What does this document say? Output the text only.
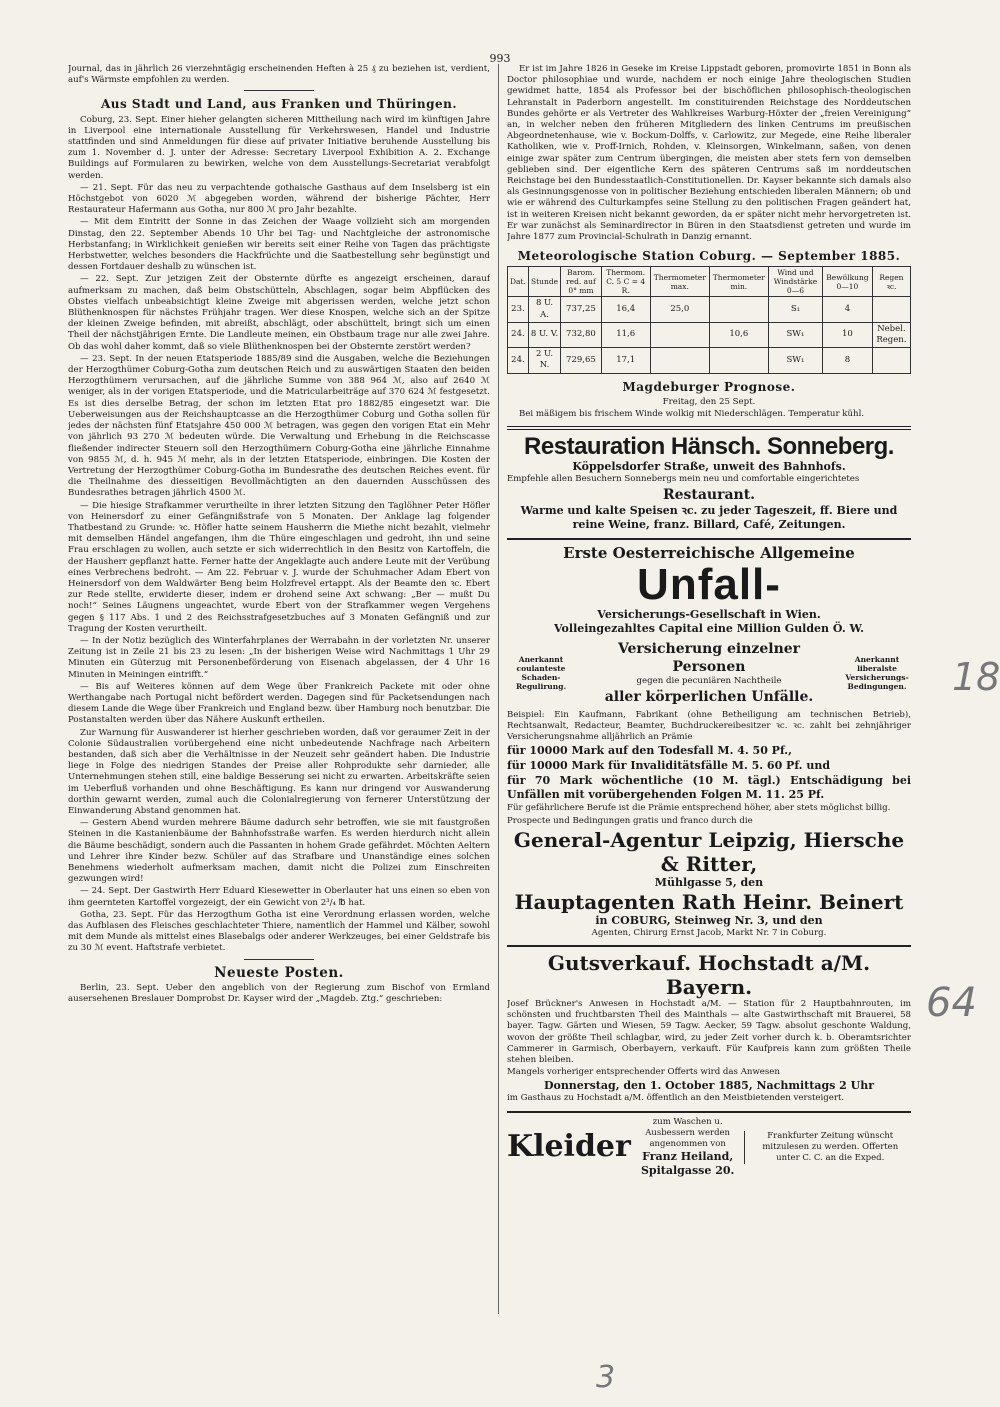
993

Journal, das in jährlich 26 vierzehntägig erscheinenden Heften à 25 ₰ zu beziehen ist, verdient, auf's Wärmste empfohlen zu werden.

Aus Stadt und Land, aus Franken und Thüringen.

Coburg, 23. Sept. Einer hieher gelangten sicheren Mittheilung nach wird im künftigen Jahre in Liverpool eine internationale Ausstellung für Verkehrswesen, Handel und Industrie stattfinden und sind Anmeldungen für diese auf privater Initiative beruhende Ausstellung bis zum 1. November d. J. unter der Adresse: Secretary Liverpool Exhibition A. 2. Exchange Buildings auf Formularen zu bewirken, welche von dem Ausstellungs-Secretariat verabfolgt werden.

— 21. Sept. Für das neu zu verpachtende gothaische Gasthaus auf dem Inselsberg ist ein Höchstgebot von 6020 ℳ abgegeben worden, während der bisherige Pächter, Herr Restaurateur Hafermann aus Gotha, nur 800 ℳ pro Jahr bezahlte.

— Mit dem Eintritt der Sonne in das Zeichen der Waage vollzieht sich am morgenden Dinstag, den 22. September Abends 10 Uhr bei Tag- und Nachtgleiche der astronomische Herbstanfang; in Wirklichkeit genießen wir bereits seit einer Reihe von Tagen das prächtigste Herbstwetter, welches besonders die Hackfrüchte und die Saatbestellung sehr begünstigt und dessen Fortdauer deshalb zu wünschen ist.

— 22. Sept. Zur jetzigen Zeit der Obsternte dürfte es angezeigt erscheinen, darauf aufmerksam zu machen, daß beim Obstschütteln, Abschlagen, sogar beim Abpflücken des Obstes vielfach unbeabsichtigt kleine Zweige mit abgerissen werden, welche jetzt schon Blüthenknospen für nächstes Frühjahr tragen. Wer diese Knospen, welche sich an der Spitze der kleinen Zweige befinden, mit abreißt, abschlägt, oder abschüttelt, bringt sich um einen Theil der nächstjährigen Ernte. Die Landleute meinen, ein Obstbaum trage nur alle zwei Jahre. Ob das wohl daher kommt, daß so viele Blüthenknospen bei der Obsternte zerstört werden?

— 23. Sept. In der neuen Etatsperiode 1885/89 sind die Ausgaben, welche die Beziehungen der Herzogthümer Coburg-Gotha zum deutschen Reich und zu auswärtigen Staaten den beiden Herzogthümern verursachen, auf die jährliche Summe von 388 964 ℳ, also auf 2640 ℳ weniger, als in der vorigen Etatsperiode, und die Matricularbeiträge auf 370 624 ℳ festgesetzt. Es ist dies derselbe Betrag, der schon im letzten Etat pro 1882/85 eingesetzt war. Die Ueberweisungen aus der Reichshauptcasse an die Herzogthümer Coburg und Gotha sollen für jedes der nächsten fünf Etatsjahre 450 000 ℳ betragen, was gegen den vorigen Etat ein Mehr von jährlich 93 270 ℳ bedeuten würde. Die Verwaltung und Erhebung in die Reichscasse fließender indirecter Steuern soll den Herzogthümern Coburg-Gotha eine jährliche Einnahme von 9855 ℳ, d. h. 945 ℳ mehr, als in der letzten Etatsperiode, einbringen. Die Kosten der Vertretung der Herzogthümer Coburg-Gotha im Bundesrathe des deutschen Reiches event. für die Theilnahme des diesseitigen Bevollmächtigten an den dauernden Ausschüssen des Bundesrathes betragen jährlich 4500 ℳ.

— Die hiesige Strafkammer verurtheilte in ihrer letzten Sitzung den Taglöhner Peter Höfler von Heinersdorf zu einer Gefängnißstrafe von 5 Monaten. Der Anklage lag folgender Thatbestand zu Grunde: ꝛc. Höfler hatte seinem Hausherrn die Miethe nicht bezahlt, vielmehr mit demselben Händel angefangen, ihm die Thüre eingeschlagen und gedroht, ihn und seine Frau erschlagen zu wollen, auch setzte er sich widerrechtlich in den Besitz von Kartoffeln, die der Hausherr gepflanzt hatte. Ferner hatte der Angeklagte auch andere Leute mit der Verübung eines Verbrechens bedroht. — Am 22. Februar v. J. wurde der Schuhmacher Adam Ebert von Heinersdorf von dem Waldwärter Beng beim Holzfrevel ertappt. Als der Beamte den ꝛc. Ebert zur Rede stellte, erwiderte dieser, indem er drohend seine Axt schwang: „Ber — mußt Du noch!“ Seines Läugnens ungeachtet, wurde Ebert von der Strafkammer wegen Vergehens gegen § 117 Abs. 1 und 2 des Reichsstrafgesetzbuches auf 3 Monaten Gefängniß und zur Tragung der Kosten verurtheilt.

— In der Notiz bezüglich des Winterfahrplanes der Werrabahn in der vorletzten Nr. unserer Zeitung ist in Zeile 21 bis 23 zu lesen: „In der bisherigen Weise wird Nachmittags 1 Uhr 29 Minuten ein Güterzug mit Personenbeförderung von Eisenach abgelassen, der 4 Uhr 16 Minuten in Meiningen eintrifft.“

— Bis auf Weiteres können auf dem Wege über Frankreich Packete mit oder ohne Werthangabe nach Portugal nicht befördert werden. Dagegen sind für Packetsendungen nach diesem Lande die Wege über Frankreich und England bezw. über Hamburg noch benutzbar. Die Postanstalten werden über das Nähere Auskunft ertheilen.

Zur Warnung für Auswanderer ist hierher geschrieben worden, daß vor geraumer Zeit in der Colonie Südaustralien vorübergehend eine nicht unbedeutende Nachfrage nach Arbeitern bestanden, daß sich aber die Verhältnisse in der Neuzeit sehr geändert haben. Die Industrie liege in Folge des niedrigen Standes der Preise aller Rohprodukte sehr darnieder, alle Unternehmungen stehen still, eine baldige Besserung sei nicht zu erwarten. Arbeitskräfte seien im Ueberfluß vorhanden und ohne Beschäftigung. Es kann nur dringend vor Auswanderung dorthin gewarnt werden, zumal auch die Colonialregierung von fernerer Unterstützung der Einwanderung Abstand genommen hat.

— Gestern Abend wurden mehrere Bäume dadurch sehr betroffen, wie sie mit faustgroßen Steinen in die Kastanienbäume der Bahnhofsstraße warfen. Es werden hierdurch nicht allein die Bäume beschädigt, sondern auch die Passanten in hohem Grade gefährdet. Möchten Aeltern und Lehrer ihre Kinder bezw. Schüler auf das Strafbare und Unanständige eines solchen Benehmens wiederholt aufmerksam machen, damit nicht die Polizei zum Einschreiten gezwungen wird!

— 24. Sept. Der Gastwirth Herr Eduard Kiesewetter in Oberlauter hat uns einen so eben von ihm geernteten Kartoffel vorgezeigt, der ein Gewicht von 2³/₄ ℔ hat.

Gotha, 23. Sept. Für das Herzogthum Gotha ist eine Verordnung erlassen worden, welche das Aufblasen des Fleisches geschlachteter Thiere, namentlich der Hammel und Kälber, sowohl mit dem Munde als mittelst eines Blasebalgs oder anderer Werkzeuges, bei einer Geldstrafe bis zu 30 ℳ event. Haftstrafe verbietet.

Neueste Posten.

Berlin, 23. Sept. Ueber den angeblich von der Regierung zum Bischof von Ermland ausersehenen Breslauer Domprobst Dr. Kayser wird der „Magdeb. Ztg.“ geschrieben:

Er ist im Jahre 1826 in Geseke im Kreise Lippstadt geboren, promovirte 1851 in Bonn als Doctor philosophiae und wurde, nachdem er noch einige Jahre theologischen Studien gewidmet hatte, 1854 als Professor bei der bischöflichen philosophisch-theologischen Lehranstalt in Paderborn angestellt. Im constituirenden Reichstage des Norddeutschen Bundes gehörte er als Vertreter des Wahlkreises Warburg-Höxter der „freien Vereinigung“ an, in welcher neben den früheren Mitgliedern des linken Centrums im preußischen Abgeordnetenhause, wie v. Bockum-Dolffs, v. Carlowitz, zur Megede, eine Reihe liberaler Katholiken, wie v. Proff-Irnich, Rohden, v. Kleinsorgen, Winkelmann, saßen, von denen einige zwar später zum Centrum übergingen, die meisten aber stets fern von demselben geblieben sind. Der eigentliche Kern des späteren Centrums saß im norddeutschen Reichstage bei den Bundesstaatlich-Constitutionellen. Dr. Kayser bekannte sich damals also als Gesinnungsgenosse von in politischer Beziehung entschieden liberalen Männern; ob und wie er während des Culturkampfes seine Stellung zu den politischen Fragen geändert hat, ist in weiteren Kreisen nicht bekannt geworden, da er später nicht mehr hervorgetreten ist. Er war zunächst als Seminardirector in Büren in den Staatsdienst getreten und wurde im Jahre 1877 zum Provincial-Schulrath in Danzig ernannt.

Meteorologische Station Coburg. — September 1885.
Dat.	Stunde	Barom. red. auf 0° mm	Thermom. C. 5 C = 4 R.	Thermometer max.	Thermometer min.	Wind und Windstärke 0—6	Bewölkung 0—10	Regen ꝛc.
23.	8 U. A.	737,25	16,4	25,0		S₁	4	
24.	8 U. V.	732,80	11,6		10,6	SW₁	10	Nebel. Regen.
24.	2 U. N.	729,65	17,1			SW₁	8	
Magdeburger Prognose.

Freitag, den 25 Sept.

Bei mäßigem bis frischem Winde wolkig mit Niederschlägen. Temperatur kühl.

Restauration Hänsch. Sonneberg.
Köppelsdorfer Straße, unweit des Bahnhofs.

Empfehle allen Besuchern Sonnebergs mein neu und comfortable eingerichtetes

Restaurant.
Warme und kalte Speisen ꝛc. zu jeder Tageszeit, ff. Biere und reine Weine, franz. Billard, Café, Zeitungen.
Erste Oesterreichische Allgemeine
Unfall-
Versicherungs-Gesellschaft in Wien.
Volleingezahltes Capital eine Million Gulden Ö. W.
Anerkannt coulanteste Schaden-Regulirung.
Versicherung einzelner Personen
gegen die pecuniären Nachtheile
aller körperlichen Unfälle.
Anerkannt liberalste Versicherungs-Bedingungen.

Beispiel: Ein Kaufmann, Fabrikant (ohne Betheiligung am technischen Betrieb), Rechtsanwalt, Redacteur, Beamter, Buchdruckereibesitzer ꝛc. ꝛc. zahlt bei zehnjähriger Versicherungsnahme alljährlich an Prämie

für 10000 Mark auf den Todesfall M. 4. 50 Pf.,

für 10000 Mark für Invaliditätsfälle M. 5. 60 Pf. und

für 70 Mark wöchentliche (10 M. tägl.) Entschädigung bei Unfällen mit vorübergehenden Folgen M. 11. 25 Pf.

Für gefährlichere Berufe ist die Prämie entsprechend höher, aber stets möglichst billig.

Prospecte und Bedingungen gratis und franco durch die

General-Agentur Leipzig, Hiersche & Ritter,
Mühlgasse 5, den
Hauptagenten Rath Heinr. Beinert
in COBURG, Steinweg Nr. 3, und den
Agenten, Chirurg Ernst Jacob, Markt Nr. 7 in Coburg.
Gutsverkauf. Hochstadt a/M. Bayern.

Josef Brückner's Anwesen in Hochstadt a/M. — Station für 2 Hauptbahnrouten, im schönsten und fruchtbarsten Theil des Mainthals — alte Gastwirthschaft mit Brauerei, 58 bayer. Tagw. Gärten und Wiesen, 59 Tagw. Aecker, 59 Tagw. absolut geschonte Waldung, wovon der größte Theil schlagbar, wird, zu jeder Zeit vorher durch k. b. Oberamtsrichter Cammerer in Garmisch, Oberbayern, verkauft. Für Kaufpreis kann zum größten Theile stehen bleiben.

Mangels vorheriger entsprechender Offerts wird das Anwesen

Donnerstag, den 1. October 1885, Nachmittags 2 Uhr

im Gasthaus zu Hochstadt a/M. öffentlich an den Meistbietenden versteigert.

Kleider
zum Waschen u. Ausbessern werden angenommen von
Franz Heiland, Spitalgasse 20.
Frankfurter Zeitung wünscht mitzulesen zu werden. Offerten unter C. C. an die Exped.
18
64
3
